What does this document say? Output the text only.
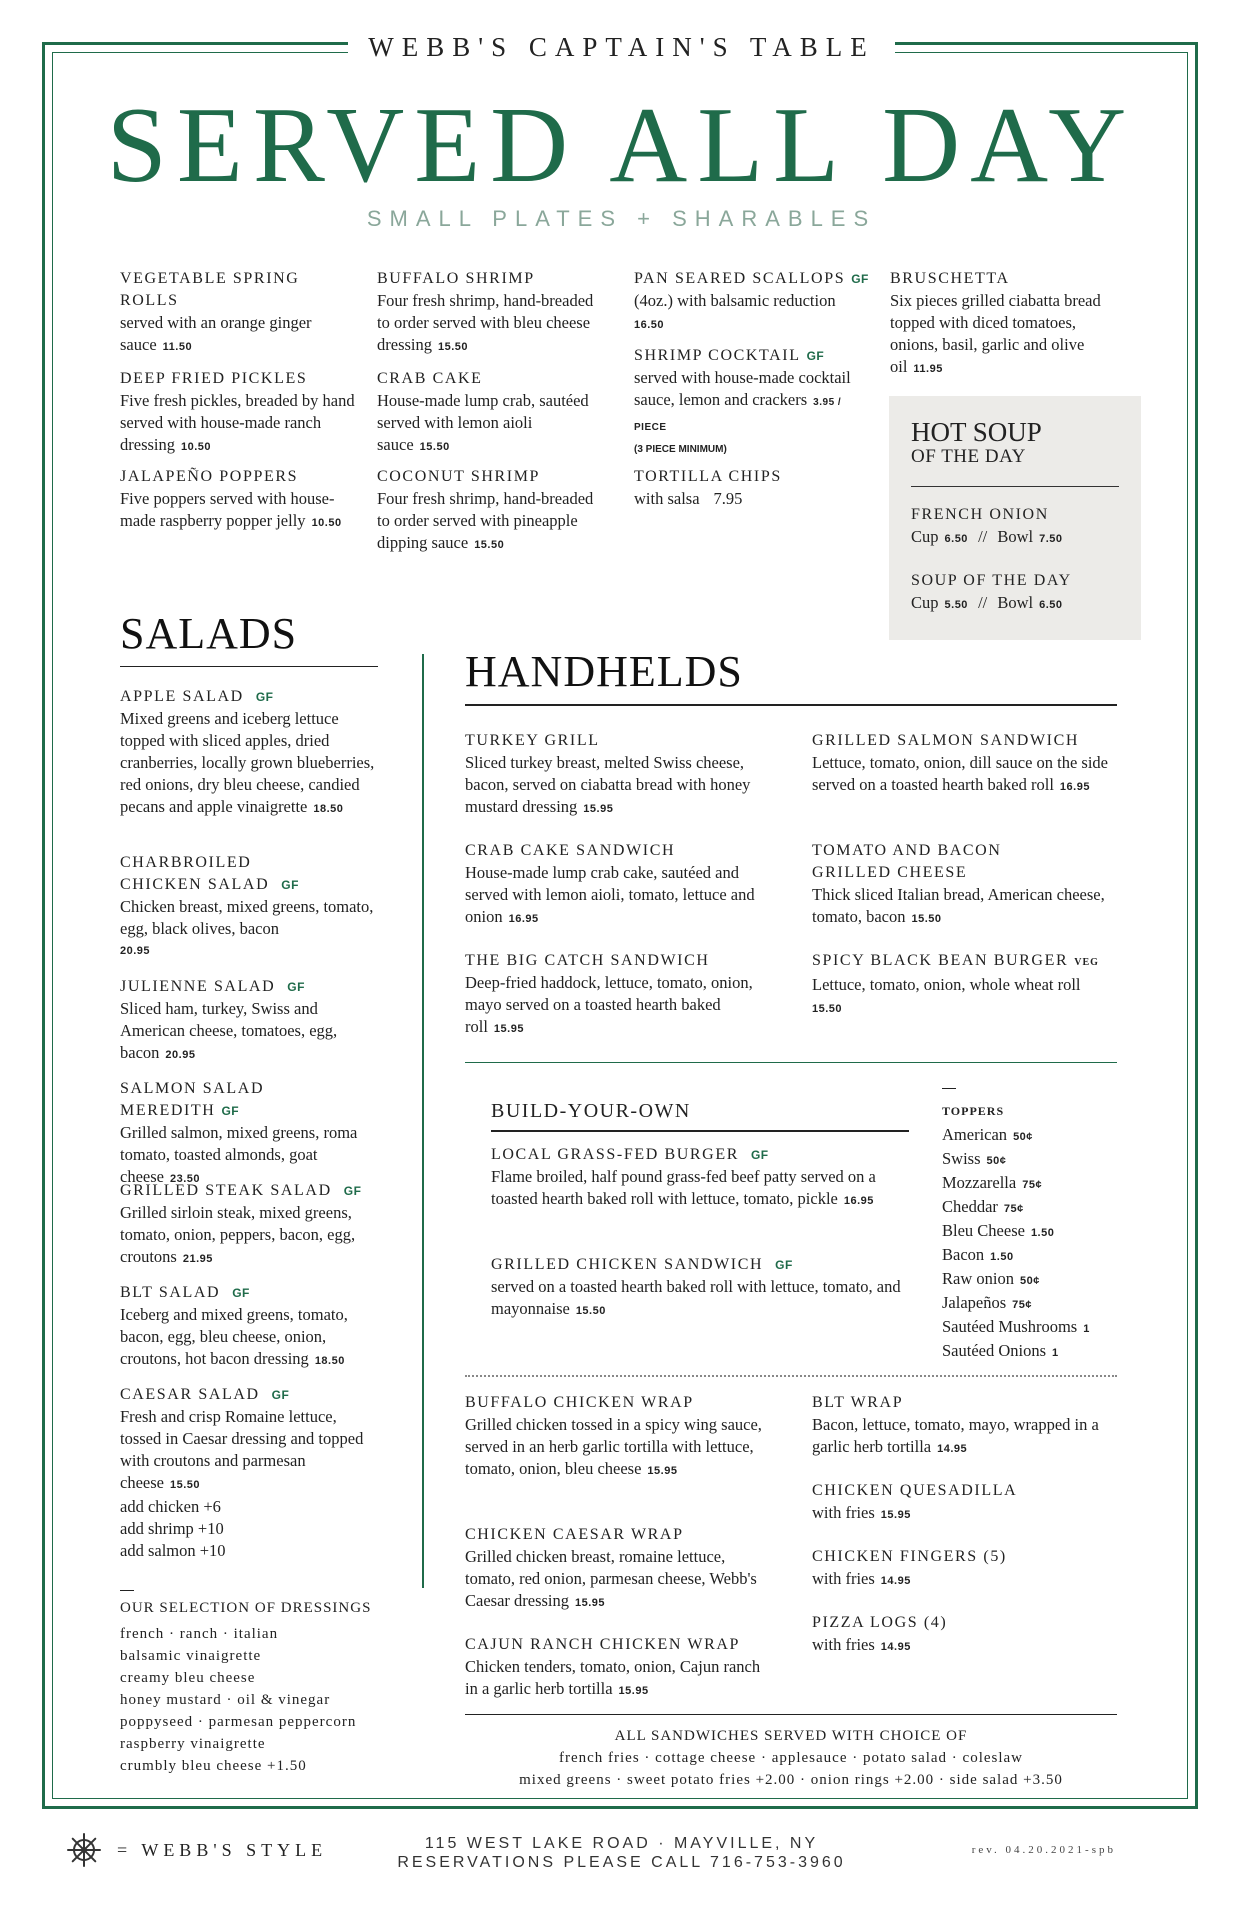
WEBB'S CAPTAIN'S TABLE
SERVED ALL DAY
SMALL PLATES + SHARABLES
VEGETABLE SPRING ROLLS
served with an orange ginger sauce 11.50
DEEP FRIED PICKLES
Five fresh pickles, breaded by hand served with house-made ranch dressing 10.50
JALAPEÑO POPPERS
Five poppers served with house-made raspberry popper jelly 10.50
BUFFALO SHRIMP
Four fresh shrimp, hand-breaded to order served with bleu cheese dressing 15.50
CRAB CAKE
House-made lump crab, sautéed served with lemon aioli sauce 15.50
COCONUT SHRIMP
Four fresh shrimp, hand-breaded to order served with pineapple dipping sauce 15.50
PAN SEARED SCALLOPS GF
(4oz.) with balsamic reduction
16.50
SHRIMP COCKTAIL GF
served with house-made cocktail sauce, lemon and crackers 3.95 / PIECE
(3 PIECE MINIMUM)
TORTILLA CHIPS
with salsa 7.95
BRUSCHETTA
Six pieces grilled ciabatta bread topped with diced tomatoes, onions, basil, garlic and olive oil 11.95
HOT SOUP
OF THE DAY
FRENCH ONION
Cup 6.50 // Bowl 7.50
SOUP OF THE DAY
Cup 5.50 // Bowl 6.50
SALADS
APPLE SALAD GF
Mixed greens and iceberg lettuce topped with sliced apples, dried cranberries, locally grown blueberries, red onions, dry bleu cheese, candied pecans and apple vinaigrette 18.50
CHARBROILED
CHICKEN SALAD GF
Chicken breast, mixed greens, tomato, egg, black olives, bacon
20.95
JULIENNE SALAD GF
Sliced ham, turkey, Swiss and American cheese, tomatoes, egg, bacon 20.95
SALMON SALAD MEREDITH GF
Grilled salmon, mixed greens, roma tomato, toasted almonds, goat cheese 23.50
GRILLED STEAK SALAD GF
Grilled sirloin steak, mixed greens, tomato, onion, peppers, bacon, egg, croutons 21.95
BLT SALAD GF
Iceberg and mixed greens, tomato, bacon, egg, bleu cheese, onion, croutons, hot bacon dressing 18.50
CAESAR SALAD GF
Fresh and crisp Romaine lettuce, tossed in Caesar dressing and topped with croutons and parmesan cheese 15.50
add chicken +6
add shrimp +10
add salmon +10
OUR SELECTION OF DRESSINGS
french · ranch · italian
balsamic vinaigrette
creamy bleu cheese
honey mustard · oil & vinegar
poppyseed · parmesan peppercorn
raspberry vinaigrette
crumbly bleu cheese +1.50
HANDHELDS
TURKEY GRILL
Sliced turkey breast, melted Swiss cheese, bacon, served on ciabatta bread with honey mustard dressing 15.95
CRAB CAKE SANDWICH
House-made lump crab cake, sautéed and served with lemon aioli, tomato, lettuce and onion 16.95
THE BIG CATCH SANDWICH
Deep-fried haddock, lettuce, tomato, onion, mayo served on a toasted hearth baked roll 15.95
GRILLED SALMON SANDWICH
Lettuce, tomato, onion, dill sauce on the side served on a toasted hearth baked roll 16.95
TOMATO AND BACON
GRILLED CHEESE
Thick sliced Italian bread, American cheese, tomato, bacon 15.50
SPICY BLACK BEAN BURGER VEG
Lettuce, tomato, onion, whole wheat roll
15.50
BUILD-YOUR-OWN
LOCAL GRASS-FED BURGER GF
Flame broiled, half pound grass-fed beef patty served on a toasted hearth baked roll with lettuce, tomato, pickle 16.95
GRILLED CHICKEN SANDWICH GF
served on a toasted hearth baked roll with lettuce, tomato, and mayonnaise 15.50
TOPPERS
American 50¢
Swiss 50¢
Mozzarella 75¢
Cheddar 75¢
Bleu Cheese 1.50
Bacon 1.50
Raw onion 50¢
Jalapeños 75¢
Sautéed Mushrooms 1
Sautéed Onions 1
BUFFALO CHICKEN WRAP
Grilled chicken tossed in a spicy wing sauce, served in an herb garlic tortilla with lettuce, tomato, onion, bleu cheese 15.95
CHICKEN CAESAR WRAP
Grilled chicken breast, romaine lettuce, tomato, red onion, parmesan cheese, Webb's Caesar dressing 15.95
CAJUN RANCH CHICKEN WRAP
Chicken tenders, tomato, onion, Cajun ranch in a garlic herb tortilla 15.95
BLT WRAP
Bacon, lettuce, tomato, mayo, wrapped in a garlic herb tortilla 14.95
CHICKEN QUESADILLA
with fries 15.95
CHICKEN FINGERS (5)
with fries 14.95
PIZZA LOGS (4)
with fries 14.95
ALL SANDWICHES SERVED WITH CHOICE OF
french fries · cottage cheese · applesauce · potato salad · coleslaw
mixed greens · sweet potato fries +2.00 · onion rings +2.00 · side salad +3.50
= WEBB'S STYLE	115 WEST LAKE ROAD · MAYVILLE, NY
RESERVATIONS PLEASE CALL 716-753-3960
rev. 04.20.2021-spb
